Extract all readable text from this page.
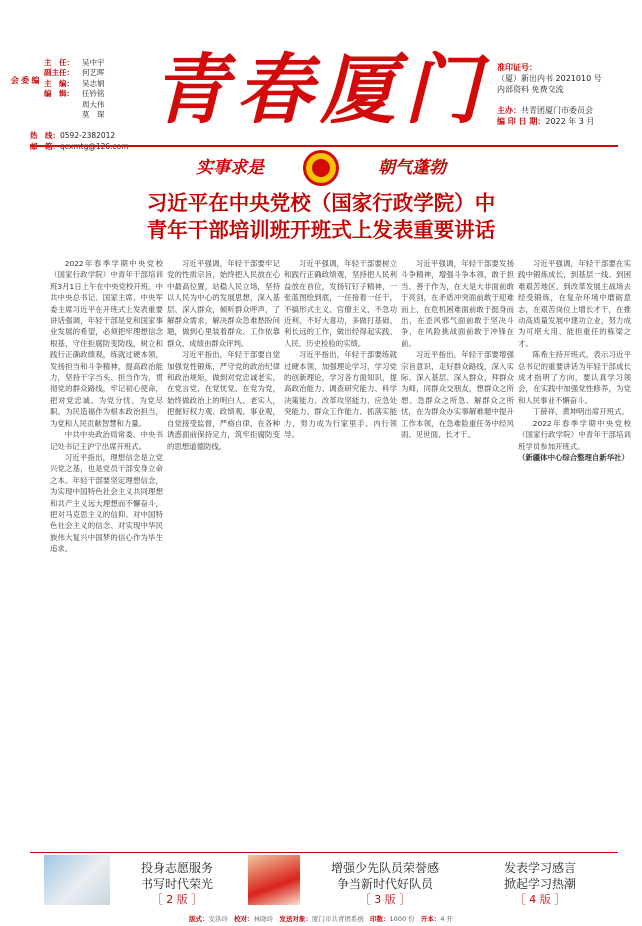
编委会
主　任：	吴中宇
副主任：	何艺晖
主　编：	吴志娟
编　辑：	任钤铭
周大伟
莫　琛
热　线：0592-2382012
青春厦门 准印证号：
（厦）新出内书 2021010 号
内部资料 免费交流
主办：共青团厦门市委员会
编 印 日 期：2022 年 3 月
实事求是	朝气蓬勃
习近平在中央党校（国家行政学院）中
青年干部培训班开班式上发表重要讲话

2022年春季学期中央党校（国家行政学院）中青年干部培训班3月1日上午在中央党校开班。中共中央总书记、国家主席、中央军委主席习近平在开班式上发表重要讲话强调，年轻干部是党和国家事业发展的希望，必须把牢理想信念根基，守住拒腐防变防线，树立和践行正确政绩观，练就过硬本领，发扬担当和斗争精神，提高政治能力，坚持干字当头、担当作为，贯彻党的群众路线，牢记初心使命，把对党忠诚、为党分忧、为党尽职、为民造福作为根本政治担当，为党和人民贡献智慧和力量。

中共中央政治局常委、中央书记处书记王沪宁出席开班式。

习近平指出，理想信念是立党兴党之基，也是党员干部安身立命之本。年轻干部要坚定理想信念，为实现中国特色社会主义共同理想和共产主义远大理想而不懈奋斗，把对马克思主义的信仰、对中国特色社会主义的信念、对实现中华民族伟大复兴中国梦的信心作为毕生追求。

习近平强调，年轻干部要牢记党的性质宗旨，始终把人民放在心中最高位置，站稳人民立场，坚持以人民为中心的发展思想，深入基层、深入群众，倾听群众呼声，了解群众需求，解决群众急难愁盼问题，做到心里装着群众、工作依靠群众、成绩由群众评判。

习近平指出，年轻干部要自觉加强党性锻炼，严守党的政治纪律和政治规矩，做到对党忠诚老实，在党言党、在党忧党、在党为党，始终做政治上的明白人、老实人，把握好权力观、政绩观、事业观，自觉接受监督，严格自律，在各种诱惑面前保持定力，筑牢拒腐防变的思想道德防线。

习近平强调，年轻干部要树立和践行正确政绩观，坚持把人民利益放在首位，发扬钉钉子精神，一张蓝图绘到底，一任接着一任干，不搞形式主义、官僚主义，不急功近利、不好大喜功，多做打基础、利长远的工作，做出经得起实践、人民、历史检验的实绩。

习近平指出，年轻干部要练就过硬本领，加强理论学习，学习党的创新理论，学习各方面知识，提高政治能力、调查研究能力、科学决策能力、改革攻坚能力、应急处突能力、群众工作能力、抓落实能力，努力成为行家里手、内行领导。

习近平强调，年轻干部要发扬斗争精神，增强斗争本领，敢于担当、善于作为，在大是大非面前敢于亮剑，在矛盾冲突面前敢于迎难而上，在危机困难面前敢于挺身而出，在歪风邪气面前敢于坚决斗争，在风险挑战面前敢于冲锋在前。

习近平指出，年轻干部要增强宗旨意识，走好群众路线，深入实际、深入基层、深入群众，拜群众为师，同群众交朋友，想群众之所想、急群众之所急、解群众之所忧，在为群众办实事解难题中提升工作本领，在急难险重任务中经风雨、见世面、长才干。

习近平强调，年轻干部要在实践中锻炼成长，到基层一线、到困难艰苦地区、到改革发展主战场去经受锻炼，在复杂环境中磨砺意志，在艰苦岗位上增长才干，在推动高质量发展中建功立业，努力成为可堪大用、能担重任的栋梁之才。

陈希主持开班式，表示习近平总书记的重要讲话为年轻干部成长成才指明了方向，要认真学习领会，在实践中加强党性修养，为党和人民事业不懈奋斗。

丁薛祥、黄坤明出席开班式。

2022年春季学期中央党校（国家行政学院）中青年干部培训班学员参加开班式。

（新疆体中心综合整理自新华社）

投身志愿服务
书写时代荣光
［ 2 版 ］
增强少先队员荣誉感
争当新时代好队员
［ 3 版 ］
发表学习感言
掀起学习热潮
［ 4 版 ］
版式：安洪玲 校对：林晓玲 发送对象：厦门市共青团系统 印数：1000 份 开本：4 开
